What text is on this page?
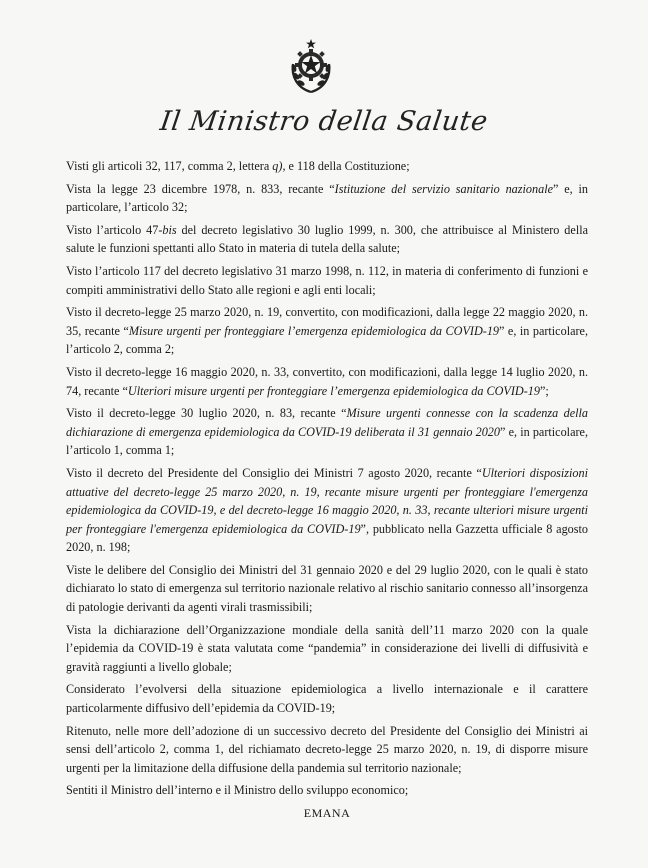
Il Ministro della Salute

Visti gli articoli 32, 117, comma 2, lettera q), e 118 della Costituzione;

Vista la legge 23 dicembre 1978, n. 833, recante “Istituzione del servizio sanitario nazionale” e, in particolare, l’articolo 32;

Visto l’articolo 47-bis del decreto legislativo 30 luglio 1999, n. 300, che attribuisce al Ministero della salute le funzioni spettanti allo Stato in materia di tutela della salute;

Visto l’articolo 117 del decreto legislativo 31 marzo 1998, n. 112, in materia di conferimento di funzioni e compiti amministrativi dello Stato alle regioni e agli enti locali;

Visto il decreto-legge 25 marzo 2020, n. 19, convertito, con modificazioni, dalla legge 22 maggio 2020, n. 35, recante “Misure urgenti per fronteggiare l’emergenza epidemiologica da COVID-19” e, in particolare, l’articolo 2, comma 2;

Visto il decreto-legge 16 maggio 2020, n. 33, convertito, con modificazioni, dalla legge 14 luglio 2020, n. 74, recante “Ulteriori misure urgenti per fronteggiare l’emergenza epidemiologica da COVID-19”;

Visto il decreto-legge 30 luglio 2020, n. 83, recante “Misure urgenti connesse con la scadenza della dichiarazione di emergenza epidemiologica da COVID-19 deliberata il 31 gennaio 2020” e, in particolare, l’articolo 1, comma 1;

Visto il decreto del Presidente del Consiglio dei Ministri 7 agosto 2020, recante “Ulteriori disposizioni attuative del decreto-legge 25 marzo 2020, n. 19, recante misure urgenti per fronteggiare l'emergenza epidemiologica da COVID-19, e del decreto-legge 16 maggio 2020, n. 33, recante ulteriori misure urgenti per fronteggiare l'emergenza epidemiologica da COVID-19”, pubblicato nella Gazzetta ufficiale 8 agosto 2020, n. 198;

Viste le delibere del Consiglio dei Ministri del 31 gennaio 2020 e del 29 luglio 2020, con le quali è stato dichiarato lo stato di emergenza sul territorio nazionale relativo al rischio sanitario connesso all’insorgenza di patologie derivanti da agenti virali trasmissibili;

Vista la dichiarazione dell’Organizzazione mondiale della sanità dell’11 marzo 2020 con la quale l’epidemia da COVID-19 è stata valutata come “pandemia” in considerazione dei livelli di diffusività e gravità raggiunti a livello globale;

Considerato l’evolversi della situazione epidemiologica a livello internazionale e il carattere particolarmente diffusivo dell’epidemia da COVID-19;

Ritenuto, nelle more dell’adozione di un successivo decreto del Presidente del Consiglio dei Ministri ai sensi dell’articolo 2, comma 1, del richiamato decreto-legge 25 marzo 2020, n. 19, di disporre misure urgenti per la limitazione della diffusione della pandemia sul territorio nazionale;

Sentiti il Ministro dell’interno e il Ministro dello sviluppo economico;

EMANA
